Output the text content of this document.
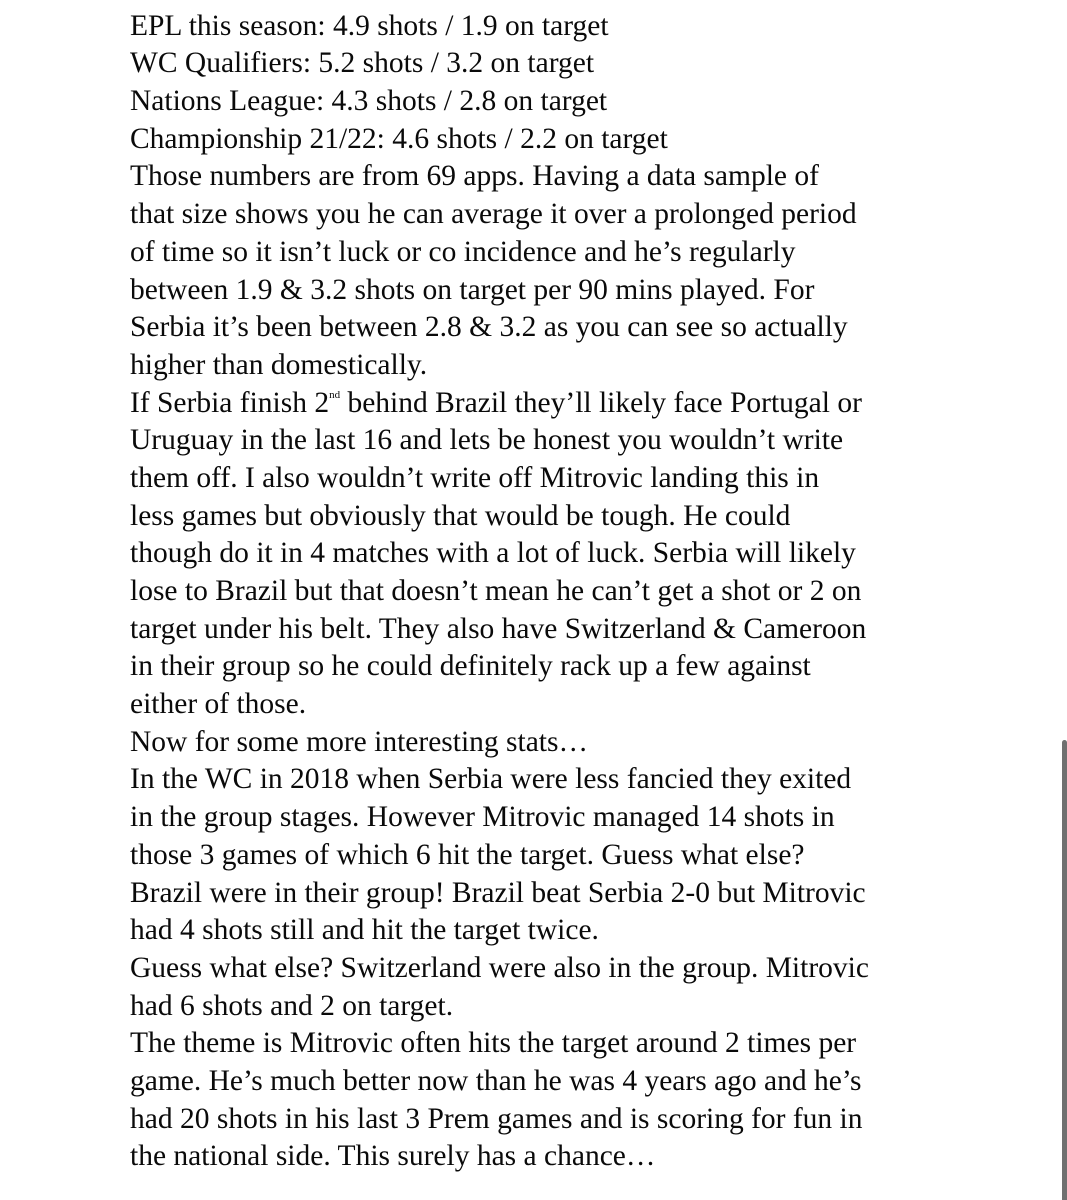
EPL this season: 4.9 shots / 1.9 on target
WC Qualifiers: 5.2 shots / 3.2 on target
Nations League: 4.3 shots / 2.8 on target
Championship 21/22: 4.6 shots / 2.2 on target
Those numbers are from 69 apps. Having a data sample of
that size shows you he can average it over a prolonged period
of time so it isn’t luck or co incidence and he’s regularly
between 1.9 & 3.2 shots on target per 90 mins played. For
Serbia it’s been between 2.8 & 3.2 as you can see so actually
higher than domestically.
If Serbia finish 2nd behind Brazil they’ll likely face Portugal or
Uruguay in the last 16 and lets be honest you wouldn’t write
them off. I also wouldn’t write off Mitrovic landing this in
less games but obviously that would be tough. He could
though do it in 4 matches with a lot of luck. Serbia will likely
lose to Brazil but that doesn’t mean he can’t get a shot or 2 on
target under his belt. They also have Switzerland & Cameroon
in their group so he could definitely rack up a few against
either of those.
Now for some more interesting stats…
In the WC in 2018 when Serbia were less fancied they exited
in the group stages. However Mitrovic managed 14 shots in
those 3 games of which 6 hit the target. Guess what else?
Brazil were in their group! Brazil beat Serbia 2-0 but Mitrovic
had 4 shots still and hit the target twice.
Guess what else? Switzerland were also in the group. Mitrovic
had 6 shots and 2 on target.
The theme is Mitrovic often hits the target around 2 times per
game. He’s much better now than he was 4 years ago and he’s
had 20 shots in his last 3 Prem games and is scoring for fun in
the national side. This surely has a chance…
